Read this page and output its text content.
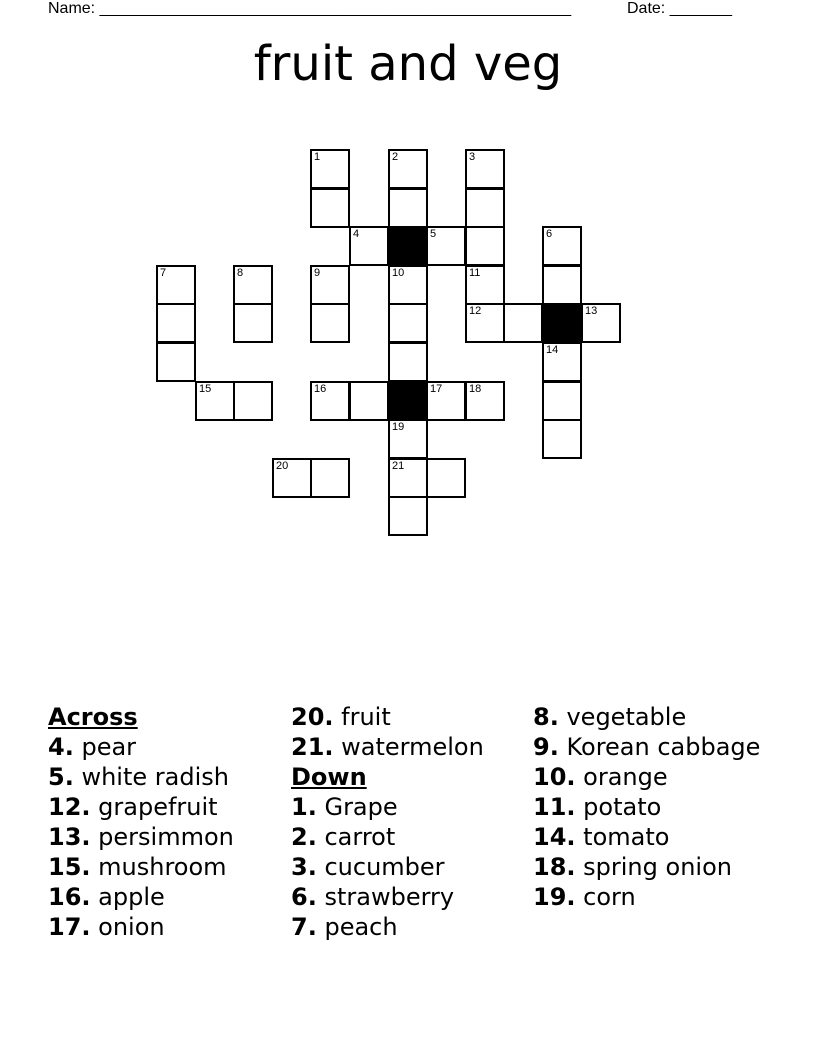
Name: _____________________________________________________	Date: _______
fruit and veg
1	2	3
4	5	6
7	8	9	10	11
12	13
14
15	16	17 18
19
20	21
Across
4. pear
5. white radish
12. grapefruit
13. persimmon
15. mushroom
16. apple
17. onion
20. fruit
21. watermelon
Down
1. Grape
2. carrot
3. cucumber
6. strawberry
7. peach
8. vegetable
9. Korean cabbage
10. orange
11. potato
14. tomato
18. spring onion
19. corn
